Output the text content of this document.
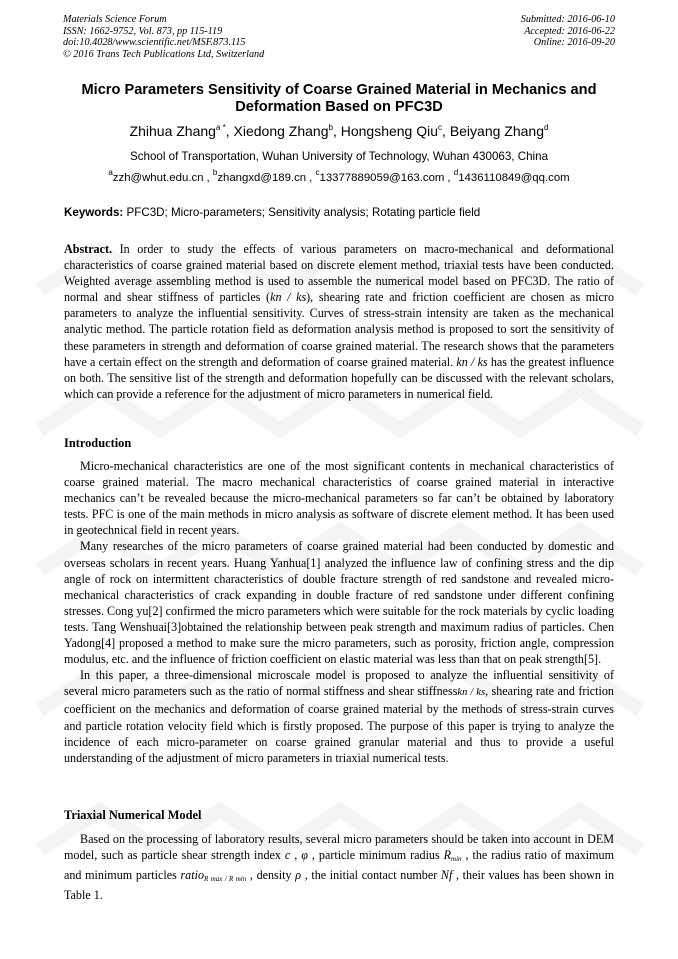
Materials Science Forum
ISSN: 1662-9752, Vol. 873, pp 115-119
doi:10.4028/www.scientific.net/MSF.873.115
© 2016 Trans Tech Publications Ltd, Switzerland
Submitted: 2016-06-10
Accepted: 2016-06-22
Online: 2016-09-20
Micro Parameters Sensitivity of Coarse Grained Material in Mechanics and Deformation Based on PFC3D
Zhihua Zhang$^{a *}$, Xiedong Zhang$^b$, Hongsheng Qiu$^c$, Beiyang Zhang$^d$
School of Transportation, Wuhan University of Technology, Wuhan 430063, China
$^a$zzh@whut.edu.cn , $^b$zhangxd@189.cn , $^c$13377889059@163.com , $^d$1436110849@qq.com
Keywords: PFC3D; Micro-parameters; Sensitivity analysis; Rotating particle field

Abstract. In order to study the effects of various parameters on macro-mechanical and deformational characteristics of coarse grained material based on discrete element method, triaxial tests have been conducted. Weighted average assembling method is used to assemble the numerical model based on PFC3D. The ratio of normal and shear stiffness of particles (kn / ks), shearing rate and friction coefficient are chosen as micro parameters to analyze the influential sensitivity. Curves of stress-strain intensity are taken as the mechanical analytic method. The particle rotation field as deformation analysis method is proposed to sort the sensitivity of these parameters in strength and deformation of coarse grained material. The research shows that the parameters have a certain effect on the strength and deformation of coarse grained material. kn / ks has the greatest influence on both. The sensitive list of the strength and deformation hopefully can be discussed with the relevant scholars, which can provide a reference for the adjustment of micro parameters in numerical field.

Introduction

Micro-mechanical characteristics are one of the most significant contents in mechanical characteristics of coarse grained material. The macro mechanical characteristics of coarse grained material in interactive mechanics can’t be revealed because the micro-mechanical parameters so far can’t be obtained by laboratory tests. PFC is one of the main methods in micro analysis as software of discrete element method. It has been used in geotechnical field in recent years.

Many researches of the micro parameters of coarse grained material had been conducted by domestic and overseas scholars in recent years. Huang Yanhua[1] analyzed the influence law of confining stress and the dip angle of rock on intermittent characteristics of double fracture strength of red sandstone and revealed micro-mechanical characteristics of crack expanding in double fracture of red sandstone under different confining stresses. Cong yu[2] confirmed the micro parameters which were suitable for the rock materials by cyclic loading tests. Tang Wenshuai[3]obtained the relationship between peak strength and maximum radius of particles. Chen Yadong[4] proposed a method to make sure the micro parameters, such as porosity, friction angle, compression modulus, etc. and the influence of friction coefficient on elastic material was less than that on peak strength[5].

In this paper, a three-dimensional microscale model is proposed to analyze the influential sensitivity of several micro parameters such as the ratio of normal stiffness and shear stiffnesskn / ks, shearing rate and friction coefficient on the mechanics and deformation of coarse grained material by the methods of stress-strain curves and particle rotation velocity field which is firstly proposed. The purpose of this paper is trying to analyze the incidence of each micro-parameter on coarse grained granular material and thus to provide a useful understanding of the adjustment of micro parameters in triaxial numerical tests.

Triaxial Numerical Model

Based on the processing of laboratory results, several micro parameters should be taken into account in DEM model, such as particle shear strength index c , φ , particle minimum radius $R_{min}$ , the radius ratio of maximum and minimum particles ratio$_{R max / R min}$ , density ρ , the initial contact number Nf , their values has been shown in Table 1.
